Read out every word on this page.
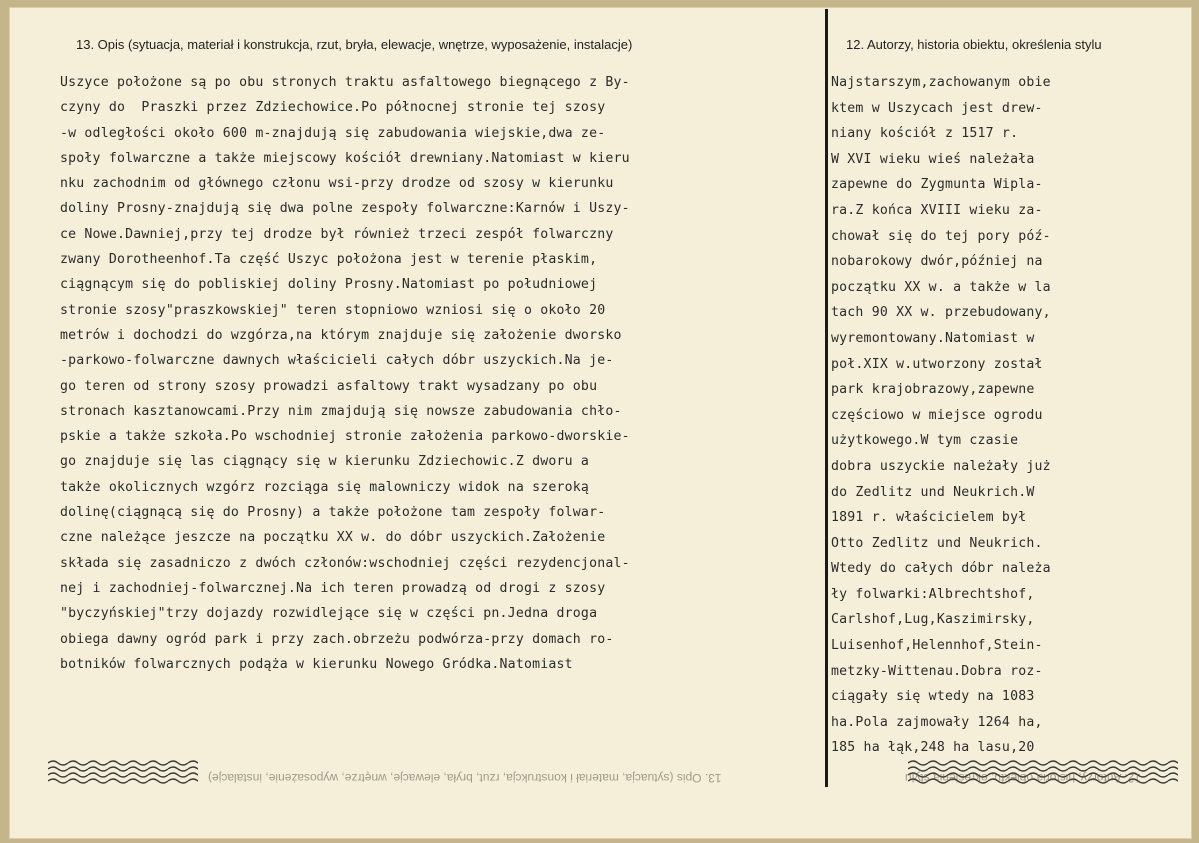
13. Opis (sytuacja, materiał i konstrukcja, rzut, bryła, elewacje, wnętrze, wyposażenie, instalacje)	12. Autorzy, historia obiektu, określenia stylu

Uszyce położone są po obu stronych traktu asfaltowego biegnącego z By-
czyny do  Praszki przez Zdziechowice.Po północnej stronie tej szosy
-w odległości około 600 m-znajdują się zabudowania wiejskie,dwa ze-
społy folwarczne a także miejscowy kościół drewniany.Natomiast w kieru
nku zachodnim od głównego członu wsi-przy drodze od szosy w kierunku
doliny Prosny-znajdują się dwa polne zespoły folwarczne:Karnów i Uszy-
ce Nowe.Dawniej,przy tej drodze był również trzeci zespół folwarczny
zwany Dorotheenhof.Ta część Uszyc położona jest w terenie płaskim,
ciągnącym się do pobliskiej doliny Prosny.Natomiast po południowej
stronie szosy"praszkowskiej" teren stopniowo wzniosi się o około 20
metrów i dochodzi do wzgórza,na którym znajduje się założenie dworsko
-parkowo-folwarczne dawnych właścicieli całych dóbr uszyckich.Na je-
go teren od strony szosy prowadzi asfaltowy trakt wysadzany po obu
stronach kasztanowcami.Przy nim zmajdują się nowsze zabudowania chło-
pskie a także szkoła.Po wschodniej stronie założenia parkowo-dworskie-
go znajduje się las ciągnący się w kierunku Zdziechowic.Z dworu a
także okolicznych wzgórz rozciąga się malowniczy widok na szeroką
dolinę(ciągnącą się do Prosny) a także położone tam zespoły folwar-
czne należące jeszcze na początku XX w. do dóbr uszyckich.Założenie
składa się zasadniczo z dwóch członów:wschodniej części rezydencjonal-
nej i zachodniej-folwarcznej.Na ich teren prowadzą od drogi z szosy
"byczyńskiej"trzy dojazdy rozwidlejące się w części pn.Jedna droga
obiega dawny ogród park i przy zach.obrzeżu podwórza-przy domach ro-
botników folwarcznych podąża w kierunku Nowego Gródka.Natomiast
Najstarszym,zachowanym obie
ktem w Uszycach jest drew-
niany kościół z 1517 r.
W XVI wieku wieś należała
zapewne do Zygmunta Wipla-
ra.Z końca XVIII wieku za-
chował się do tej pory póź-
nobarokowy dwór,później na
początku XX w. a także w la
tach 90 XX w. przebudowany,
wyremontowany.Natomiast w
poł.XIX w.utworzony został
park krajobrazowy,zapewne
częściowo w miejsce ogrodu
użytkowego.W tym czasie
dobra uszyckie należały już
do Zedlitz und Neukrich.W
1891 r. właścicielem był
Otto Zedlitz und Neukrich.
Wtedy do całych dóbr należa
ły folwarki:Albrechtshof,
Carlshof,Lug,Kaszimirsky,
Luisenhof,Helennhof,Stein-
metzky-Wittenau.Dobra roz-
ciągały się wtedy na 1083
ha.Pola zajmowały 1264 ha,
185 ha łąk,248 ha lasu,20

13. Opis (sytuacja, materiał i konstrukcja, rzut, bryła, elewacje, wnętrze, wyposażenie, instalacje)	12. Autorzy, historia obiektu, określenia stylu
